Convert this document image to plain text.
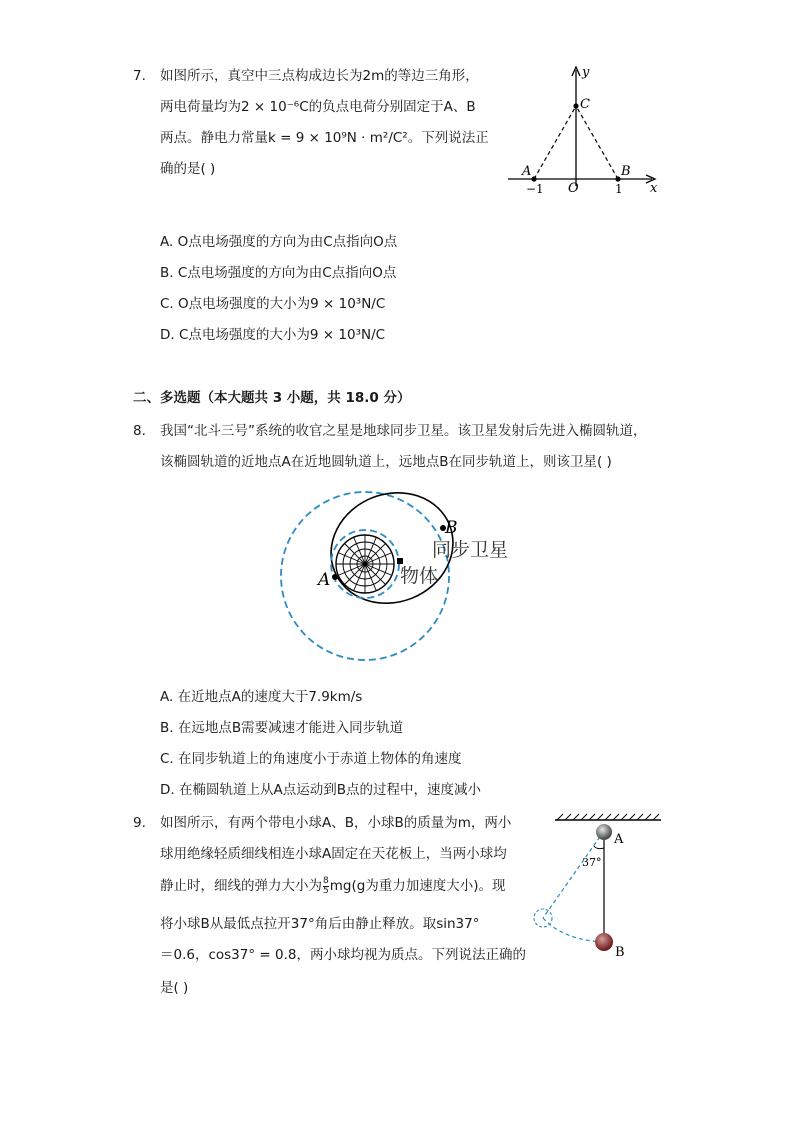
7. 如图所示，真空中三点构成边长为2m的等边三角形，
两电荷量均为2 × 10⁻⁶C的负点电荷分别固定于A、B
两点。静电力常量k = 9 × 10⁹N · m²/C²。下列说法正
确的是( )
y
x
C
A	B
O
−1	1
A. O点电场强度的方向为由C点指向O点
B. C点电场强度的方向为由C点指向O点
C. O点电场强度的大小为9 × 10³N/C
D. C点电场强度的大小为9 × 10³N/C
二、多选题（本大题共 3 小题，共 18.0 分）
8. 我国“北斗三号”系统的收官之星是地球同步卫星。该卫星发射后先进入椭圆轨道，
该椭圆轨道的近地点A在近地圆轨道上，远地点B在同步轨道上，则该卫星( )
B
A
同步卫星
物体
A. 在近地点A的速度大于7.9km/s
B. 在远地点B需要减速才能进入同步轨道
C. 在同步轨道上的角速度小于赤道上物体的角速度
D. 在椭圆轨道上从A点运动到B点的过程中，速度减小
9. 如图所示，有两个带电小球A、B，小球B的质量为m，两小
球用绝缘轻质细线相连小球A固定在天花板上，当两小球均
静止时，细线的弹力大小为 $\frac{8}{5} mg(g$为重力加速度大小)。现
将小球B从最低点拉开37°角后由静止释放。取sin37°
＝0.6，cos37° = 0.8，两小球均视为质点。下列说法正确的
是( )
37°
A
B
